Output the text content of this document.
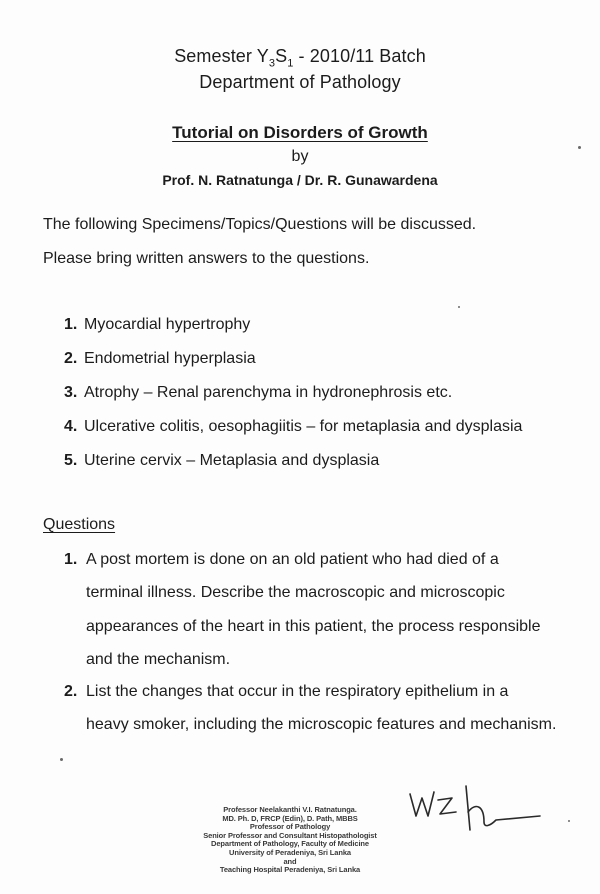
Semester $Y_3S_1 - 2010/11$ Batch
Department of Pathology
Tutorial on Disorders of Growth
by
Prof. N. Ratnatunga / Dr. R. Gunawardena
The following Specimens/Topics/Questions will be discussed.
Please bring written answers to the questions.
1. Myocardial hypertrophy
2. Endometrial hyperplasia
3. Atrophy – Renal parenchyma in hydronephrosis etc.
4. Ulcerative colitis, oesophagiitis – for metaplasia and dysplasia
5. Uterine cervix – Metaplasia and dysplasia
Questions
1. A post mortem is done on an old patient who had died of a
terminal illness. Describe the macroscopic and microscopic
appearances of the heart in this patient, the process responsible
and the mechanism.
2. List the changes that occur in the respiratory epithelium in a
heavy smoker, including the microscopic features and mechanism.
Professor Neelakanthi V.I. Ratnatunga.
MD. Ph. D, FRCP (Edin), D. Path, MBBS
Professor of Pathology
Senior Professor and Consultant Histopathologist
Department of Pathology, Faculty of Medicine
University of Peradeniya, Sri Lanka
and
Teaching Hospital Peradeniya, Sri Lanka
